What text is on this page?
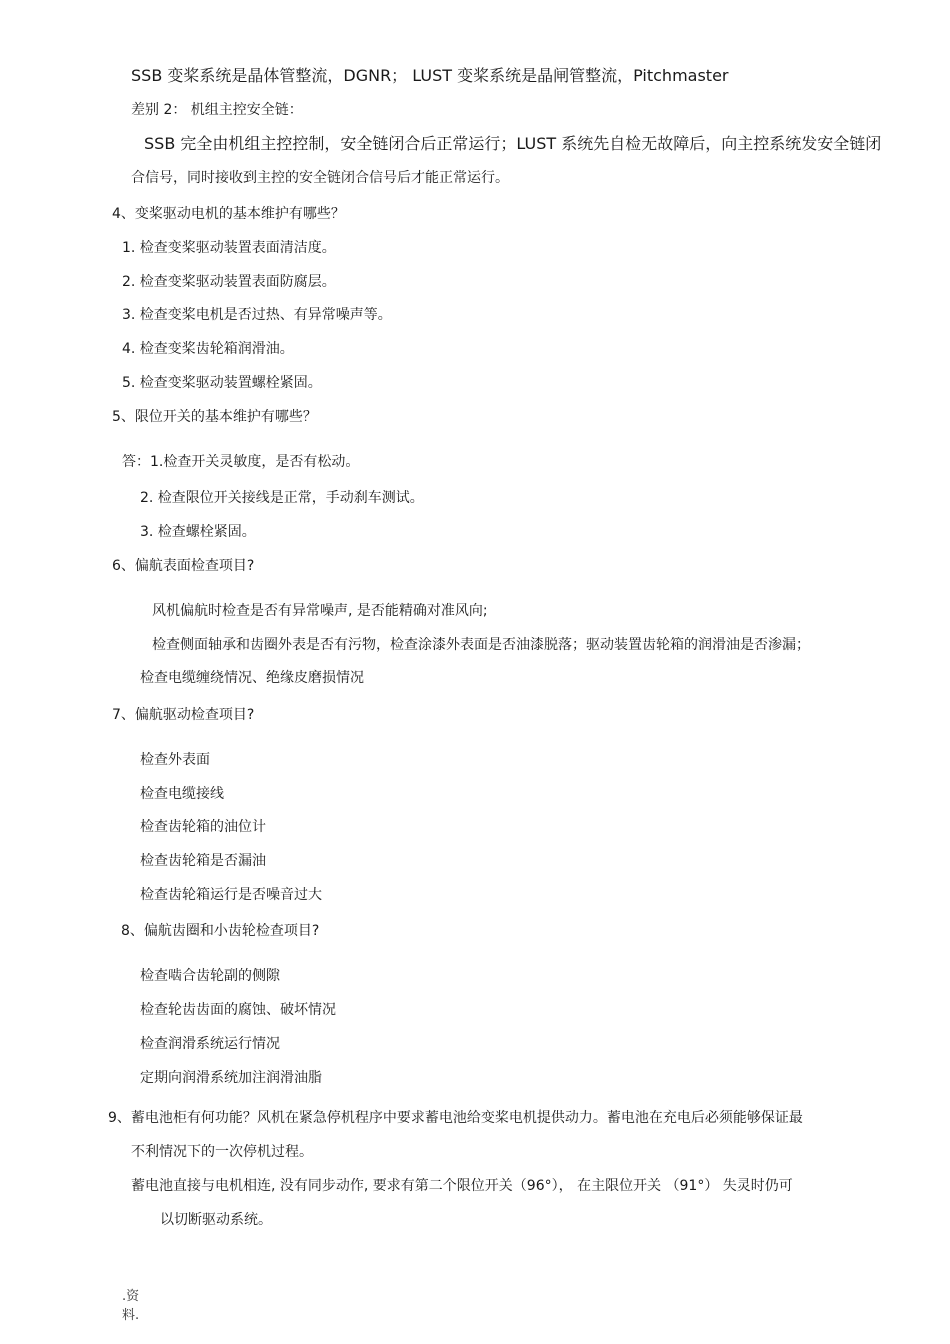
SSB 变桨系统是晶体管整流，DGNR； LUST 变桨系统是晶闸管整流，Pitchmaster
差别 2： 机组主控安全链：
SSB 完全由机组主控控制，安全链闭合后正常运行；LUST 系统先自检无故障后，向主控系统发安全链闭
合信号，同时接收到主控的安全链闭合信号后才能正常运行。
4、变桨驱动电机的基本维护有哪些？
1. 检查变桨驱动装置表面清洁度。
2. 检查变桨驱动装置表面防腐层。
3. 检查变桨电机是否过热、有异常噪声等。
4. 检查变桨齿轮箱润滑油。
5. 检查变桨驱动装置螺栓紧固。
5、限位开关的基本维护有哪些？
答：1.检查开关灵敏度，是否有松动。
2. 检查限位开关接线是正常，手动刹车测试。
3. 检查螺栓紧固。
6、偏航表面检查项目?
风机偏航时检查是否有异常噪声, 是否能精确对准风向;
检查侧面轴承和齿圈外表是否有污物，检查涂漆外表面是否油漆脱落；驱动装置齿轮箱的润滑油是否渗漏；
检查电缆缠绕情况、绝缘皮磨损情况
7、偏航驱动检查项目?
检查外表面
检查电缆接线
检查齿轮箱的油位计
检查齿轮箱是否漏油
检查齿轮箱运行是否噪音过大
8、偏航齿圈和小齿轮检查项目?
检查啮合齿轮副的侧隙
检查轮齿齿面的腐蚀、破坏情况
检查润滑系统运行情况
定期向润滑系统加注润滑油脂
9、蓄电池柜有何功能？风机在紧急停机程序中要求蓄电池给变桨电机提供动力。蓄电池在充电后必须能够保证最
不利情况下的一次停机过程。
蓄电池直接与电机相连, 没有同步动作, 要求有第二个限位开关（96°）， 在主限位开关 （91°） 失灵时仍可
以切断驱动系统。
.资
料.
